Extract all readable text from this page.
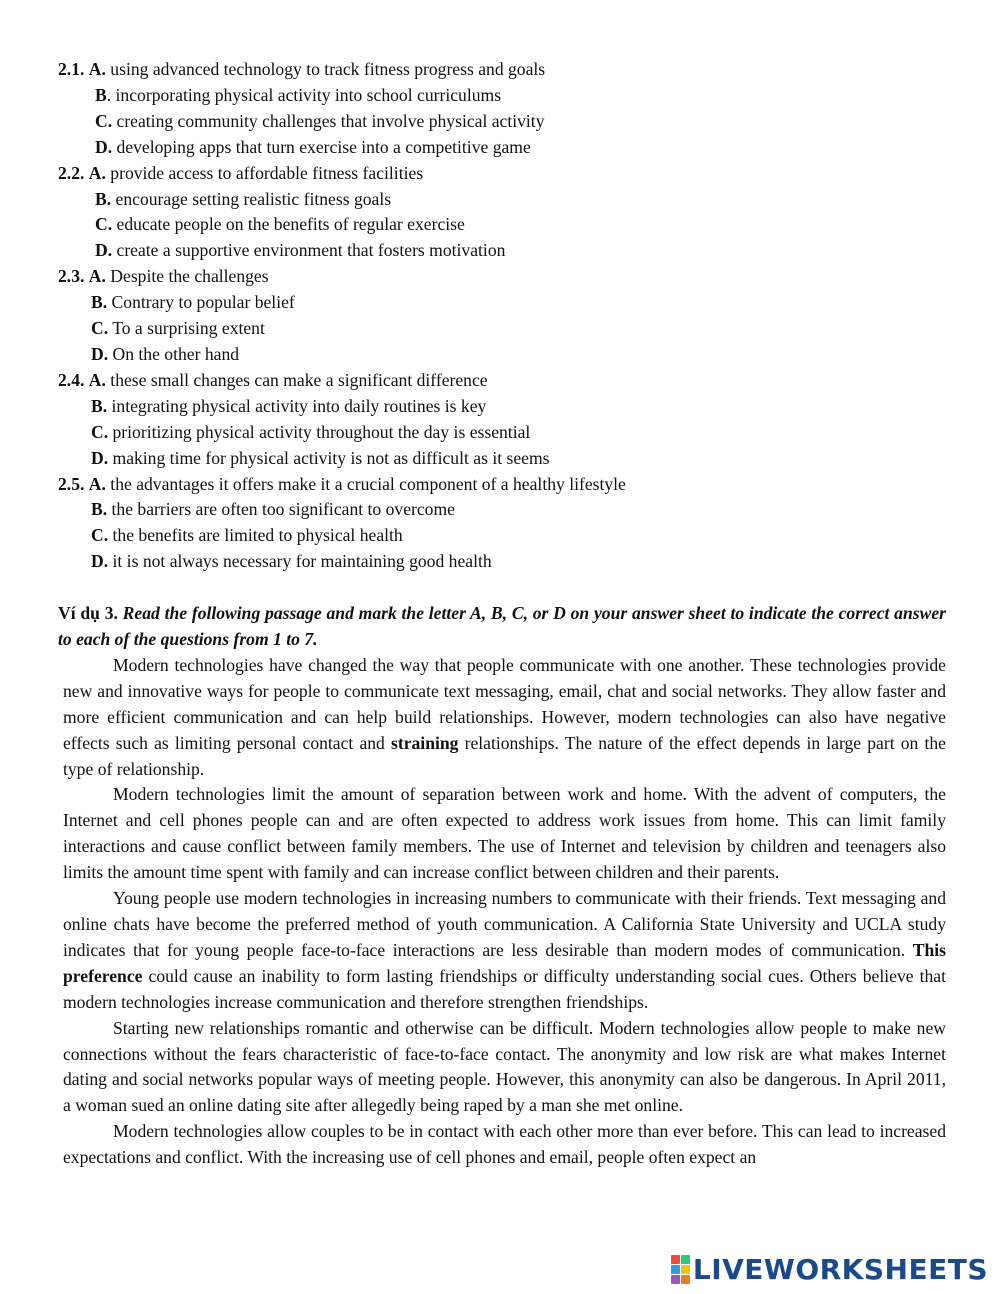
2.1. A. using advanced technology to track fitness progress and goals
B. incorporating physical activity into school curriculums
C. creating community challenges that involve physical activity
D. developing apps that turn exercise into a competitive game
2.2. A. provide access to affordable fitness facilities
B. encourage setting realistic fitness goals
C. educate people on the benefits of regular exercise
D. create a supportive environment that fosters motivation
2.3. A. Despite the challenges
B. Contrary to popular belief
C. To a surprising extent
D. On the other hand
2.4. A. these small changes can make a significant difference
B. integrating physical activity into daily routines is key
C. prioritizing physical activity throughout the day is essential
D. making time for physical activity is not as difficult as it seems
2.5. A. the advantages it offers make it a crucial component of a healthy lifestyle
B. the barriers are often too significant to overcome
C. the benefits are limited to physical health
D. it is not always necessary for maintaining good health
Ví dụ 3. Read the following passage and mark the letter A, B, C, or D on your answer sheet to indicate the correct answer to each of the questions from 1 to 7.

Modern technologies have changed the way that people communicate with one another. These technologies provide new and innovative ways for people to communicate text messaging, email, chat and social networks. They allow faster and more efficient communication and can help build relationships. However, modern technologies can also have negative effects such as limiting personal contact and straining relationships. The nature of the effect depends in large part on the type of relationship.

Modern technologies limit the amount of separation between work and home. With the advent of computers, the Internet and cell phones people can and are often expected to address work issues from home. This can limit family interactions and cause conflict between family members. The use of Internet and television by children and teenagers also limits the amount time spent with family and can increase conflict between children and their parents.

Young people use modern technologies in increasing numbers to communicate with their friends. Text messaging and online chats have become the preferred method of youth communication. A California State University and UCLA study indicates that for young people face-to-face interactions are less desirable than modern modes of communication. This preference could cause an inability to form lasting friendships or difficulty understanding social cues. Others believe that modern technologies increase communication and therefore strengthen friendships.

Starting new relationships romantic and otherwise can be difficult. Modern technologies allow people to make new connections without the fears characteristic of face-to-face contact. The anonymity and low risk are what makes Internet dating and social networks popular ways of meeting people. However, this anonymity can also be dangerous. In April 2011, a woman sued an online dating site after allegedly being raped by a man she met online.

Modern technologies allow couples to be in contact with each other more than ever before. This can lead to increased expectations and conflict. With the increasing use of cell phones and email, people often expect an

LIVEWORKSHEETS
